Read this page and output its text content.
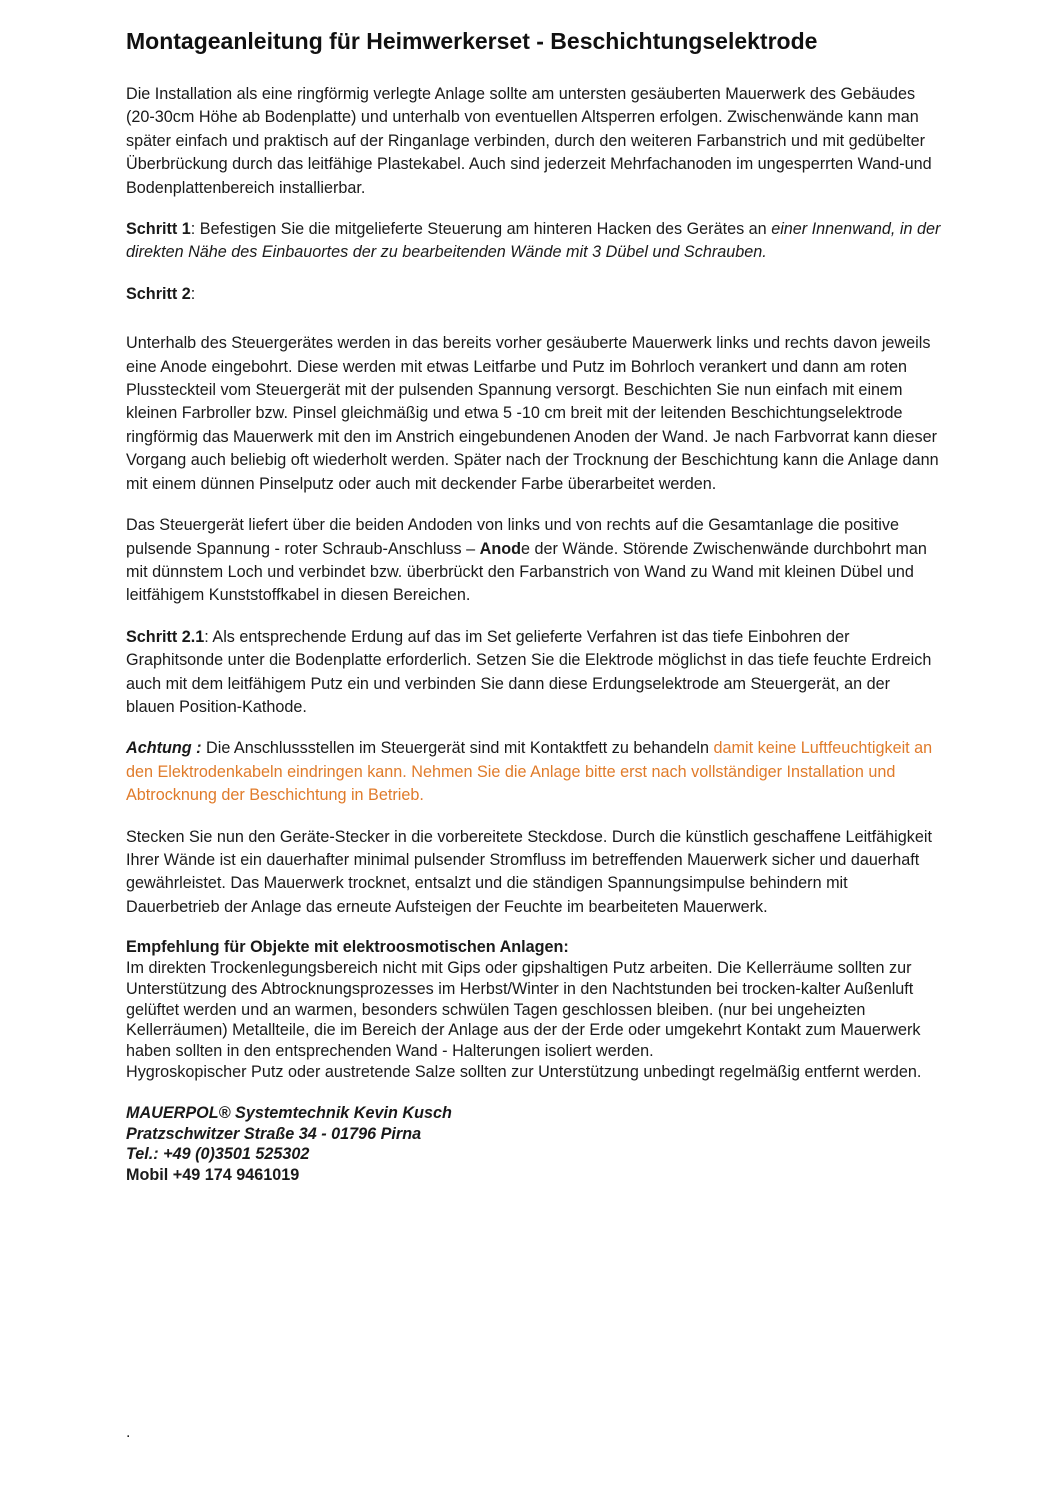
Montageanleitung für Heimwerkerset - Beschichtungselektrode

Die Installation als eine ringförmig verlegte Anlage sollte am untersten gesäuberten Mauerwerk des Gebäudes (20-30cm Höhe ab Bodenplatte) und unterhalb von eventuellen Altsperren erfolgen. Zwischenwände kann man später einfach und praktisch auf der Ringanlage verbinden, durch den weiteren Farbanstrich und mit gedübelter Überbrückung durch das leitfähige Plastekabel. Auch sind jederzeit Mehrfachanoden im ungesperrten Wand-und Bodenplattenbereich installierbar.

Schritt 1: Befestigen Sie die mitgelieferte Steuerung am hinteren Hacken des Gerätes an einer Innenwand, in der direkten Nähe des Einbauortes der zu bearbeitenden Wände mit 3 Dübel und Schrauben.

Schritt 2:

Unterhalb des Steuergerätes werden in das bereits vorher gesäuberte Mauerwerk links und rechts davon jeweils eine Anode eingebohrt. Diese werden mit etwas Leitfarbe und Putz im Bohrloch verankert und dann am roten Plussteckteil vom Steuergerät mit der pulsenden Spannung versorgt. Beschichten Sie nun einfach mit einem kleinen Farbroller bzw. Pinsel gleichmäßig und etwa 5 -10 cm breit mit der leitenden Beschichtungselektrode ringförmig das Mauerwerk mit den im Anstrich eingebundenen Anoden der Wand. Je nach Farbvorrat kann dieser Vorgang auch beliebig oft wiederholt werden. Später nach der Trocknung der Beschichtung kann die Anlage dann mit einem dünnen Pinselputz oder auch mit deckender Farbe überarbeitet werden.

Das Steuergerät liefert über die beiden Andoden von links und von rechts auf die Gesamtanlage die positive pulsende Spannung - roter Schraub-Anschluss – Anode der Wände. Störende Zwischenwände durchbohrt man mit dünnstem Loch und verbindet bzw. überbrückt den Farbanstrich von Wand zu Wand mit kleinen Dübel und leitfähigem Kunststoffkabel in diesen Bereichen.

Schritt 2.1: Als entsprechende Erdung auf das im Set gelieferte Verfahren ist das tiefe Einbohren der Graphitsonde unter die Bodenplatte erforderlich. Setzen Sie die Elektrode möglichst in das tiefe feuchte Erdreich auch mit dem leitfähigem Putz ein und verbinden Sie dann diese Erdungselektrode am Steuergerät, an der blauen Position-Kathode.

Achtung : Die Anschlussstellen im Steuergerät sind mit Kontaktfett zu behandeln damit keine Luftfeuchtigkeit an den Elektrodenkabeln eindringen kann. Nehmen Sie die Anlage bitte erst nach vollständiger Installation und Abtrocknung der Beschichtung in Betrieb.

Stecken Sie nun den Geräte-Stecker in die vorbereitete Steckdose. Durch die künstlich geschaffene Leitfähigkeit Ihrer Wände ist ein dauerhafter minimal pulsender Stromfluss im betreffenden Mauerwerk sicher und dauerhaft gewährleistet. Das Mauerwerk trocknet, entsalzt und die ständigen Spannungsimpulse behindern mit Dauerbetrieb der Anlage das erneute Aufsteigen der Feuchte im bearbeiteten Mauerwerk.

Empfehlung für Objekte mit elektroosmotischen Anlagen:

Im direkten Trockenlegungsbereich nicht mit Gips oder gipshaltigen Putz arbeiten. Die Kellerräume sollten zur Unterstützung des Abtrocknungsprozesses im Herbst/Winter in den Nachtstunden bei trocken-kalter Außenluft gelüftet werden und an warmen, besonders schwülen Tagen geschlossen bleiben. (nur bei ungeheizten Kellerräumen) Metallteile, die im Bereich der Anlage aus der der Erde oder umgekehrt Kontakt zum Mauerwerk haben sollten in den entsprechenden Wand - Halterungen isoliert werden.

Hygroskopischer Putz oder austretende Salze sollten zur Unterstützung unbedingt regelmäßig entfernt werden.

MAUERPOL® Systemtechnik Kevin Kusch
Pratzschwitzer Straße 34 - 01796 Pirna
Tel.: +49 (0)3501 525302
Mobil +49 174 9461019
.
